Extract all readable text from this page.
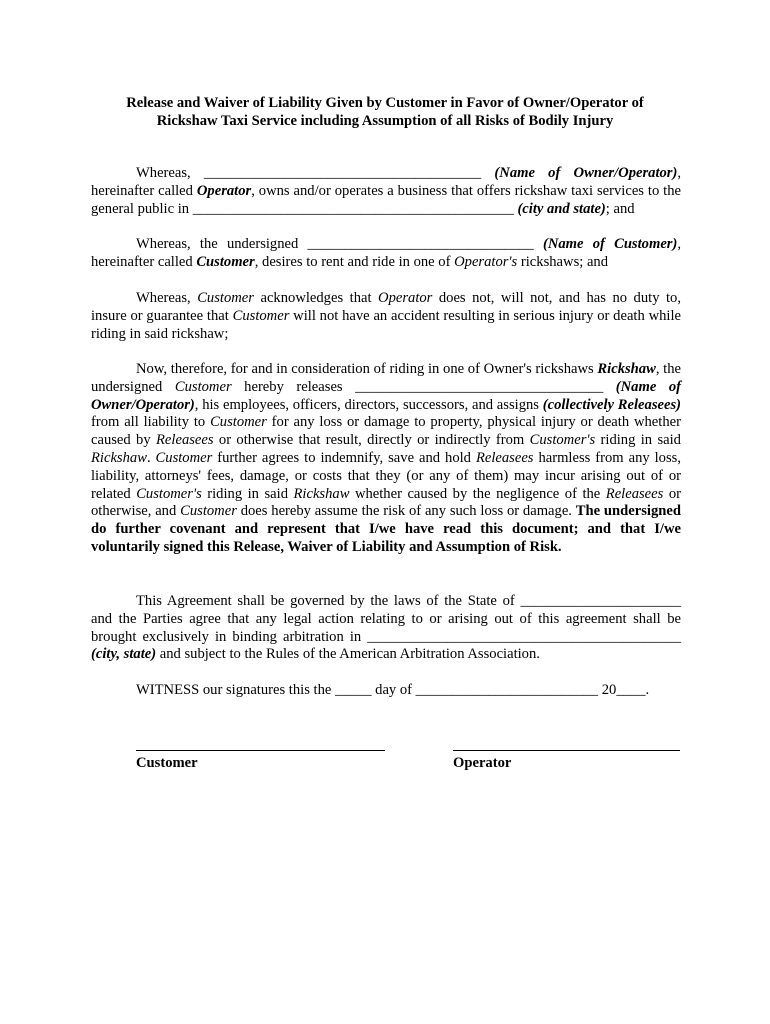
Release and Waiver of Liability Given by Customer in Favor of Owner/Operator of
Rickshaw Taxi Service including Assumption of all Risks of Bodily Injury
Whereas, ______________________________________ (Name of Owner/Operator), hereinafter called Operator, owns and/or operates a business that offers rickshaw taxi services to the general public in ____________________________________________ (city and state); and
Whereas, the undersigned _______________________________ (Name of Customer), hereinafter called Customer, desires to rent and ride in one of Operator's rickshaws; and
Whereas, Customer acknowledges that Operator does not, will not, and has no duty to, insure or guarantee that Customer will not have an accident resulting in serious injury or death while riding in said rickshaw;
Now, therefore, for and in consideration of riding in one of Owner's rickshaws Rickshaw, the undersigned Customer hereby releases __________________________________ (Name of Owner/Operator), his employees, officers, directors, successors, and assigns (collectively Releasees) from all liability to Customer for any loss or damage to property, physical injury or death whether caused by Releasees or otherwise that result, directly or indirectly from Customer's riding in said Rickshaw. Customer further agrees to indemnify, save and hold Releasees harmless from any loss, liability, attorneys' fees, damage, or costs that they (or any of them) may incur arising out of or related Customer's riding in said Rickshaw whether caused by the negligence of the Releasees or otherwise, and Customer does hereby assume the risk of any such loss or damage. The undersigned do further covenant and represent that I/we have read this document; and that I/we voluntarily signed this Release, Waiver of Liability and Assumption of Risk.
This Agreement shall be governed by the laws of the State of ______________________ and the Parties agree that any legal action relating to or arising out of this agreement shall be brought exclusively in binding arbitration in ___________________________________________ (city, state) and subject to the Rules of the American Arbitration Association.
WITNESS our signatures this the _____ day of _________________________ 20____.
Customer	Operator
